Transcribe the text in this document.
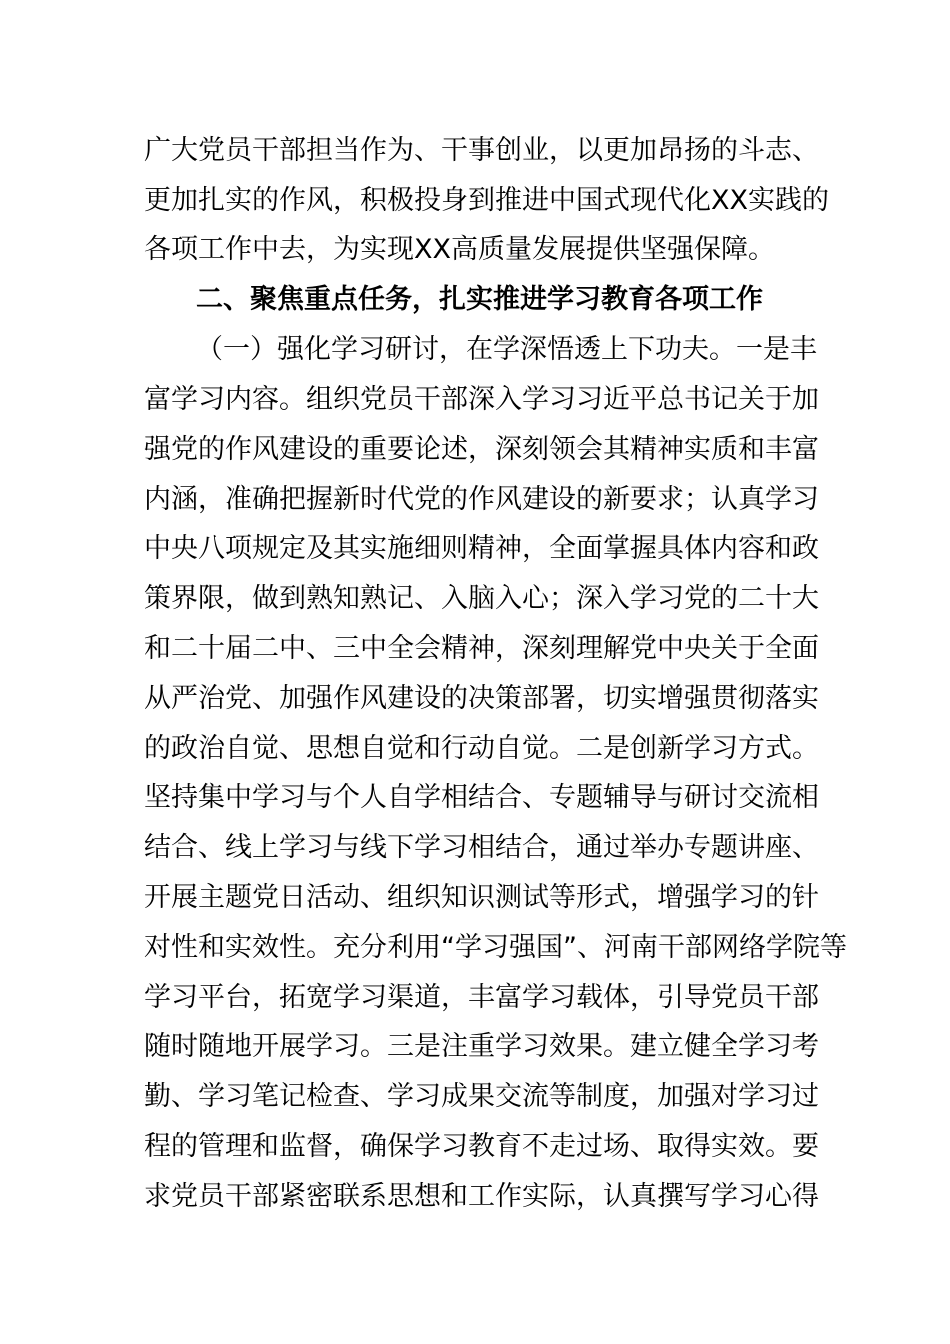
广大党员干部担当作为、干事创业，以更加昂扬的斗志、
更加扎实的作风，积极投身到推进中国式现代化XX实践的
各项工作中去，为实现XX高质量发展提供坚强保障。
二、聚焦重点任务，扎实推进学习教育各项工作
（一）强化学习研讨，在学深悟透上下功夫。一是丰
富学习内容。组织党员干部深入学习习近平总书记关于加
强党的作风建设的重要论述，深刻领会其精神实质和丰富
内涵，准确把握新时代党的作风建设的新要求；认真学习
中央八项规定及其实施细则精神，全面掌握具体内容和政
策界限，做到熟知熟记、入脑入心；深入学习党的二十大
和二十届二中、三中全会精神，深刻理解党中央关于全面
从严治党、加强作风建设的决策部署，切实增强贯彻落实
的政治自觉、思想自觉和行动自觉。二是创新学习方式。
坚持集中学习与个人自学相结合、专题辅导与研讨交流相
结合、线上学习与线下学习相结合，通过举办专题讲座、
开展主题党日活动、组织知识测试等形式，增强学习的针
对性和实效性。充分利用“学习强国”、河南干部网络学院等
学习平台，拓宽学习渠道，丰富学习载体，引导党员干部
随时随地开展学习。三是注重学习效果。建立健全学习考
勤、学习笔记检查、学习成果交流等制度，加强对学习过
程的管理和监督，确保学习教育不走过场、取得实效。要
求党员干部紧密联系思想和工作实际，认真撰写学习心得
